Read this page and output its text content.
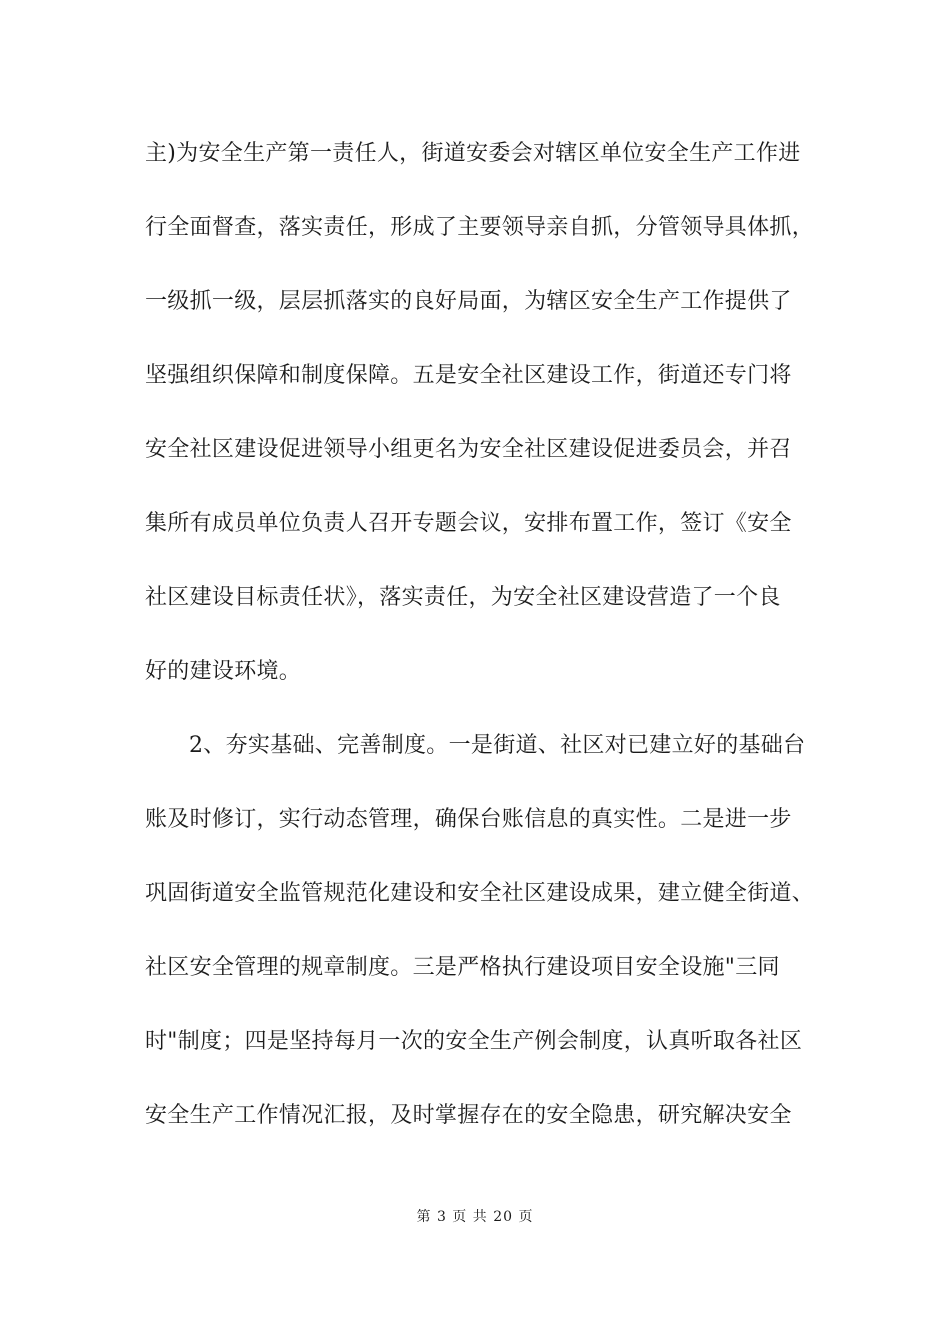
主)为安全生产第一责任人，街道安委会对辖区单位安全生产工作进
行全面督查，落实责任，形成了主要领导亲自抓，分管领导具体抓，
一级抓一级，层层抓落实的良好局面，为辖区安全生产工作提供了
坚强组织保障和制度保障。五是安全社区建设工作，街道还专门将
安全社区建设促进领导小组更名为安全社区建设促进委员会，并召
集所有成员单位负责人召开专题会议，安排布置工作，签订《安全
社区建设目标责任状》，落实责任，为安全社区建设营造了一个良
好的建设环境。
2、夯实基础、完善制度。一是街道、社区对已建立好的基础台
账及时修订，实行动态管理，确保台账信息的真实性。二是进一步
巩固街道安全监管规范化建设和安全社区建设成果，建立健全街道、
社区安全管理的规章制度。三是严格执行建设项目安全设施"三同
时"制度；四是坚持每月一次的安全生产例会制度，认真听取各社区
安全生产工作情况汇报，及时掌握存在的安全隐患，研究解决安全
第 3 页 共 20 页
